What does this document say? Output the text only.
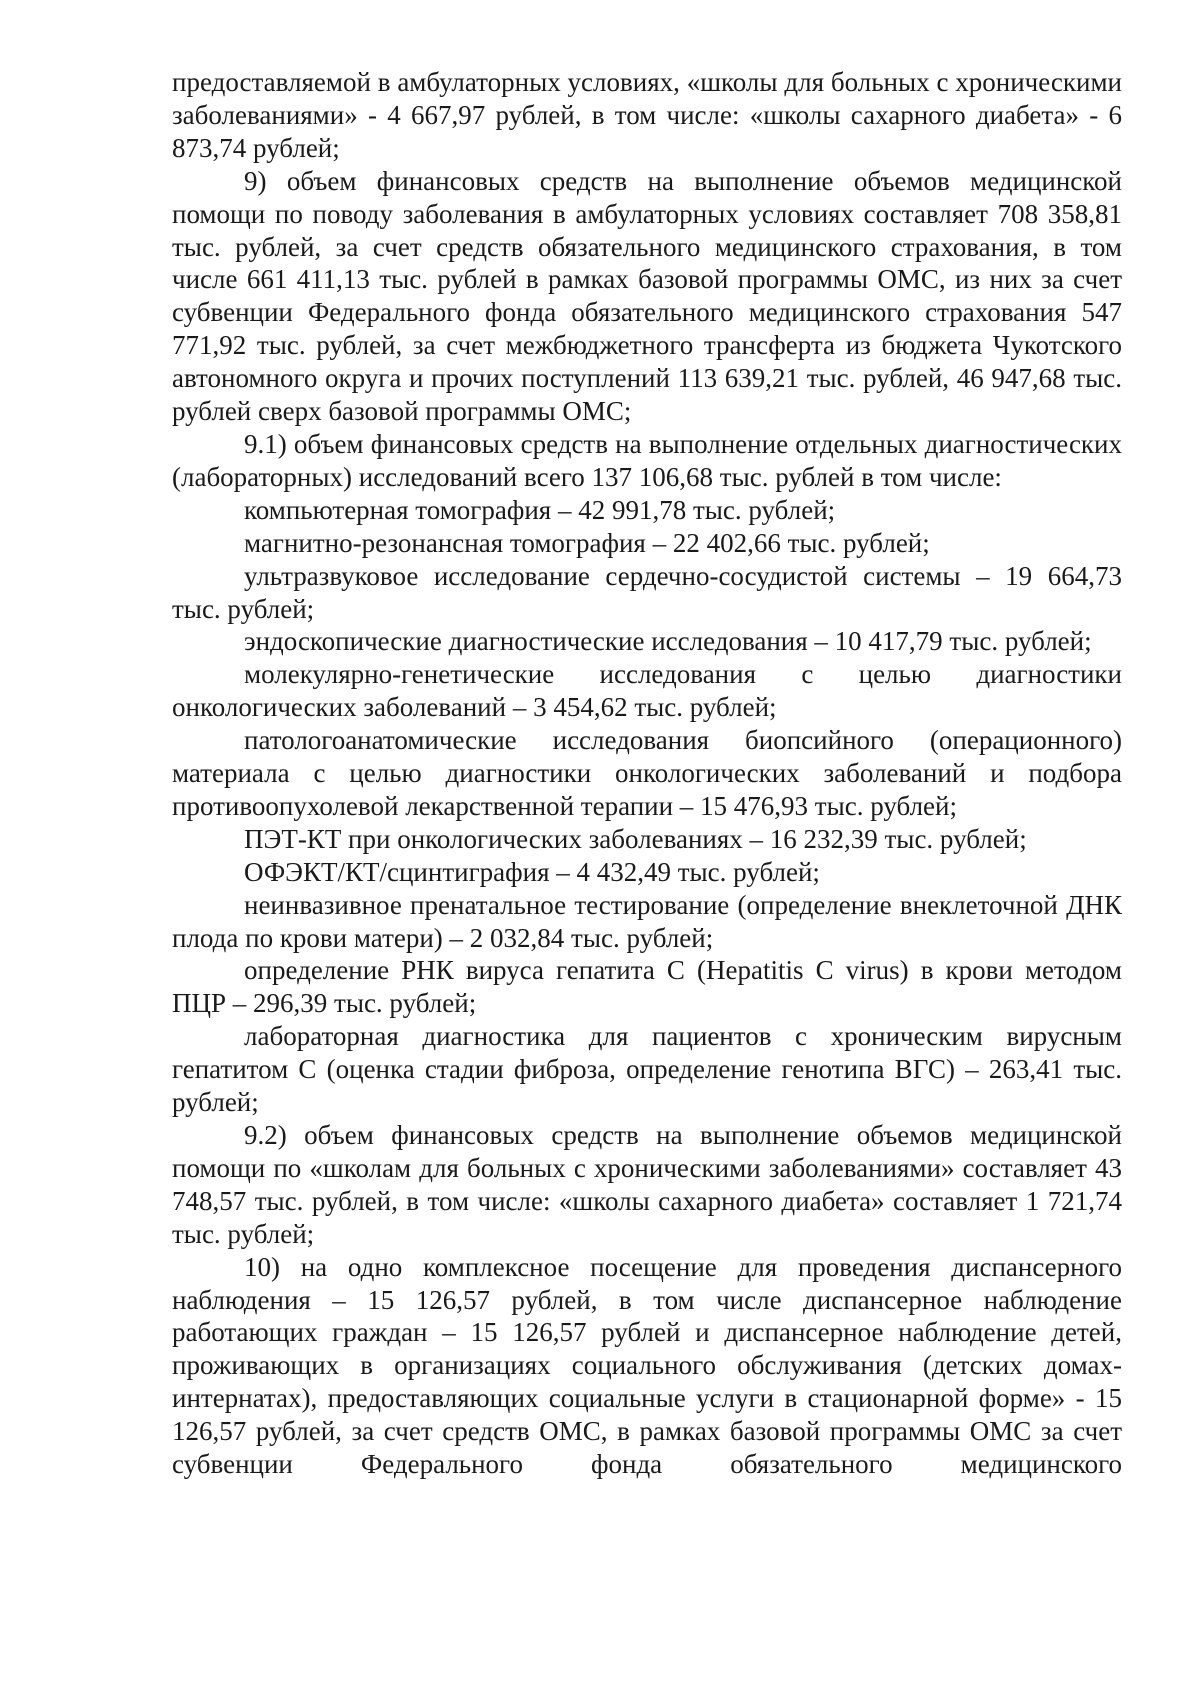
предоставляемой в амбулаторных условиях, «школы для больных с хроническими заболеваниями» - 4 667,97 рублей, в том числе: «школы сахарного диабета» - 6 873,74 рублей;

9) объем финансовых средств на выполнение объемов медицинской помощи по поводу заболевания в амбулаторных условиях составляет 708 358,81 тыс. рублей, за счет средств обязательного медицинского страхования, в том числе 661 411,13 тыс. рублей в рамках базовой программы ОМС, из них за счет субвенции Федерального фонда обязательного медицинского страхования 547 771,92 тыс. рублей, за счет межбюджетного трансферта из бюджета Чукотского автономного округа и прочих поступлений 113 639,21 тыс. рублей, 46 947,68 тыс. рублей сверх базовой программы ОМС;

9.1) объем финансовых средств на выполнение отдельных диагностических (лабораторных) исследований всего 137 106,68 тыс. рублей в том числе:

компьютерная томография – 42 991,78 тыс. рублей;

магнитно-резонансная томография – 22 402,66 тыс. рублей;

ультразвуковое исследование сердечно-сосудистой системы – 19 664,73 тыс. рублей;

эндоскопические диагностические исследования – 10 417,79 тыс. рублей;

молекулярно-генетические исследования с целью диагностики онкологических заболеваний – 3 454,62 тыс. рублей;

патологоанатомические исследования биопсийного (операционного) материала с целью диагностики онкологических заболеваний и подбора противоопухолевой лекарственной терапии – 15 476,93 тыс. рублей;

ПЭТ-КТ при онкологических заболеваниях – 16 232,39 тыс. рублей;

ОФЭКТ/КТ/сцинтиграфия – 4 432,49 тыс. рублей;

неинвазивное пренатальное тестирование (определение внеклеточной ДНК плода по крови матери) – 2 032,84 тыс. рублей;

определение РНК вируса гепатита С (Hepatitis C virus) в крови методом ПЦР – 296,39 тыс. рублей;

лабораторная диагностика для пациентов с хроническим вирусным гепатитом С (оценка стадии фиброза, определение генотипа ВГС) – 263,41 тыс. рублей;

9.2) объем финансовых средств на выполнение объемов медицинской помощи по «школам для больных с хроническими заболеваниями» составляет 43 748,57 тыс. рублей, в том числе: «школы сахарного диабета» составляет 1 721,74 тыс. рублей;

10) на одно комплексное посещение для проведения диспансерного наблюдения – 15 126,57 рублей, в том числе диспансерное наблюдение работающих граждан – 15 126,57 рублей и диспансерное наблюдение детей, проживающих в организациях социального обслуживания (детских домах-интернатах), предоставляющих социальные услуги в стационарной форме» - 15 126,57 рублей, за счет средств ОМС, в рамках базовой программы ОМС за счет субвенции Федерального фонда обязательного медицинского
